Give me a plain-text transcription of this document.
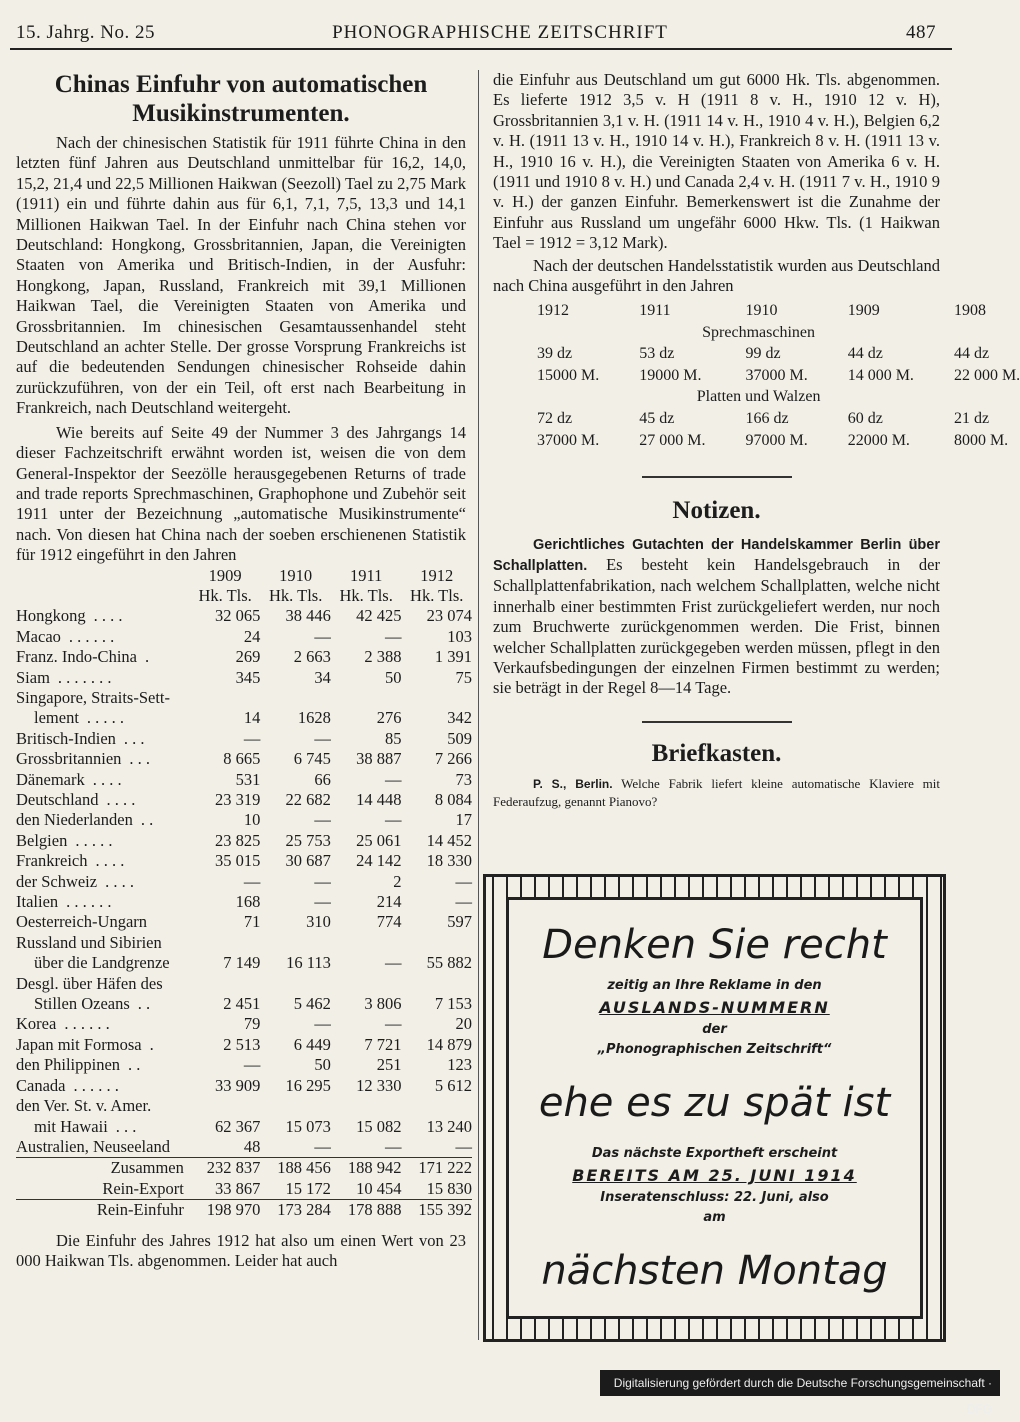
15. Jahrg. No. 25	PHONOGRAPHISCHE ZEITSCHRIFT	487
Chinas Einfuhr von automatischen
Musikinstrumenten.

Nach der chinesischen Statistik für 1911 führte China in den letzten fünf Jahren aus Deutschland unmittelbar für 16,2, 14,0, 15,2, 21,4 und 22,5 Millionen Haikwan (Seezoll) Tael zu 2,75 Mark (1911) ein und führte dahin aus für 6,1, 7,1, 7,5, 13,3 und 14,1 Millionen Haikwan Tael. In der Einfuhr nach China stehen vor Deutschland: Hongkong, Grossbritannien, Japan, die Vereinigten Staaten von Amerika und Britisch-Indien, in der Ausfuhr: Hongkong, Japan, Russland, Frankreich mit 39,1 Millionen Haikwan Tael, die Vereinigten Staaten von Amerika und Grossbritannien. Im chinesischen Gesamtaussenhandel steht Deutschland an achter Stelle. Der grosse Vorsprung Frankreichs ist auf die bedeutenden Sendungen chinesischer Rohseide dahin zurückzuführen, von der ein Teil, oft erst nach Bearbeitung in Frankreich, nach Deutschland weitergeht.

Wie bereits auf Seite 49 der Nummer 3 des Jahrgangs 14 dieser Fachzeitschrift erwähnt worden ist, weisen die von dem General-Inspektor der Seezölle herausgegebenen Returns of trade and trade reports Sprechmaschinen, Graphophone und Zubehör seit 1911 unter der Bezeichnung „automatische Musikinstrumente“ nach. Von diesen hat China nach der soeben erschienenen Statistik für 1912 eingeführt in den Jahren

	1909	1910	1911	1912
	Hk. Tls.	Hk. Tls.	Hk. Tls.	Hk. Tls.
Hongkong . . . .	32 065	38 446	42 425	23 074
Macao . . . . . .	24	—	—	103
Franz. Indo-China .	269	2 663	2 388	1 391
Siam . . . . . . .	345	34	50	75
Singapore, Straits-Sett-				
lement . . . . .	14	1628	276	342
Britisch-Indien . . .	—	—	85	509
Grossbritannien . . .	8 665	6 745	38 887	7 266
Dänemark . . . .	531	66	—	73
Deutschland . . . .	23 319	22 682	14 448	8 084
den Niederlanden . .	10	—	—	17
Belgien . . . . .	23 825	25 753	25 061	14 452
Frankreich . . . .	35 015	30 687	24 142	18 330
der Schweiz . . . .	—	—	2	—
Italien . . . . . .	168	—	214	—
Oesterreich-Ungarn	71	310	774	597
Russland und Sibirien				
über die Landgrenze	7 149	16 113	—	55 882
Desgl. über Häfen des				
Stillen Ozeans . .	2 451	5 462	3 806	7 153
Korea . . . . . .	79	—	—	20
Japan mit Formosa .	2 513	6 449	7 721	14 879
den Philippinen . .	—	50	251	123
Canada . . . . . .	33 909	16 295	12 330	5 612
den Ver. St. v. Amer.				
mit Hawaii . . .	62 367	15 073	15 082	13 240
Australien, Neuseeland	48	—	—	—
Zusammen	232 837	188 456	188 942	171 222
Rein-Export	33 867	15 172	10 454	15 830
Rein-Einfuhr	198 970	173 284	178 888	155 392

Die Einfuhr des Jahres 1912 hat also um einen Wert von 23 000 Haikwan Tls. abgenommen. Leider hat auch

die Einfuhr aus Deutschland um gut 6000 Hk. Tls. abgenommen. Es lieferte 1912 3,5 v. H (1911 8 v. H., 1910 12 v. H), Grossbritannien 3,1 v. H. (1911 14 v. H., 1910 4 v. H.), Belgien 6,2 v. H. (1911 13 v. H., 1910 14 v. H.), Frankreich 8 v. H. (1911 13 v. H., 1910 16 v. H.), die Vereinigten Staaten von Amerika 6 v. H. (1911 und 1910 8 v. H.) und Canada 2,4 v. H. (1911 7 v. H., 1910 9 v. H.) der ganzen Einfuhr. Bemerkenswert ist die Zunahme der Einfuhr aus Russland um ungefähr 6000 Hkw. Tls. (1 Haikwan Tael = 1912 = 3,12 Mark).

Nach der deutschen Handelsstatistik wurden aus Deutschland nach China ausgeführt in den Jahren

1912	1911	1910	1909	1908
Sprechmaschinen				
39 dz	53 dz	99 dz	44 dz	44 dz
15000 M.	19000 M.	37000 M.	14 000 M.	22 000 M.
Platten und Walzen				
72 dz	45 dz	166 dz	60 dz	21 dz
37000 M.	27 000 M.	97000 M.	22000 M.	8000 M.
Notizen.

Gerichtliches Gutachten der Handelskammer Berlin über Schallplatten. Es besteht kein Handelsgebrauch in der Schallplattenfabrikation, nach welchem Schallplatten, welche nicht innerhalb einer bestimmten Frist zurückgeliefert werden, nur noch zum Bruchwerte zurückgenommen werden. Die Frist, binnen welcher Schallplatten zurückgegeben werden müssen, pflegt in den Verkaufsbedingungen der einzelnen Firmen bestimmt zu werden; sie beträgt in der Regel 8—14 Tage.

Briefkasten.

P. S., Berlin. Welche Fabrik liefert kleine automatische Klaviere mit Federaufzug, genannt Pianovo?

Denken Sie recht
zeitig an Ihre Reklame in den
AUSLANDS-NUMMERN
der
„Phonographischen Zeitschrift“
ehe es zu spät ist
Das nächste Exportheft erscheint
BEREITS AM 25. JUNI 1914
Inseratenschluss: 22. Juni, also
am
nächsten Montag
Digitalisierung gefördert durch die Deutsche Forschungsgemeinschaft · DFG
